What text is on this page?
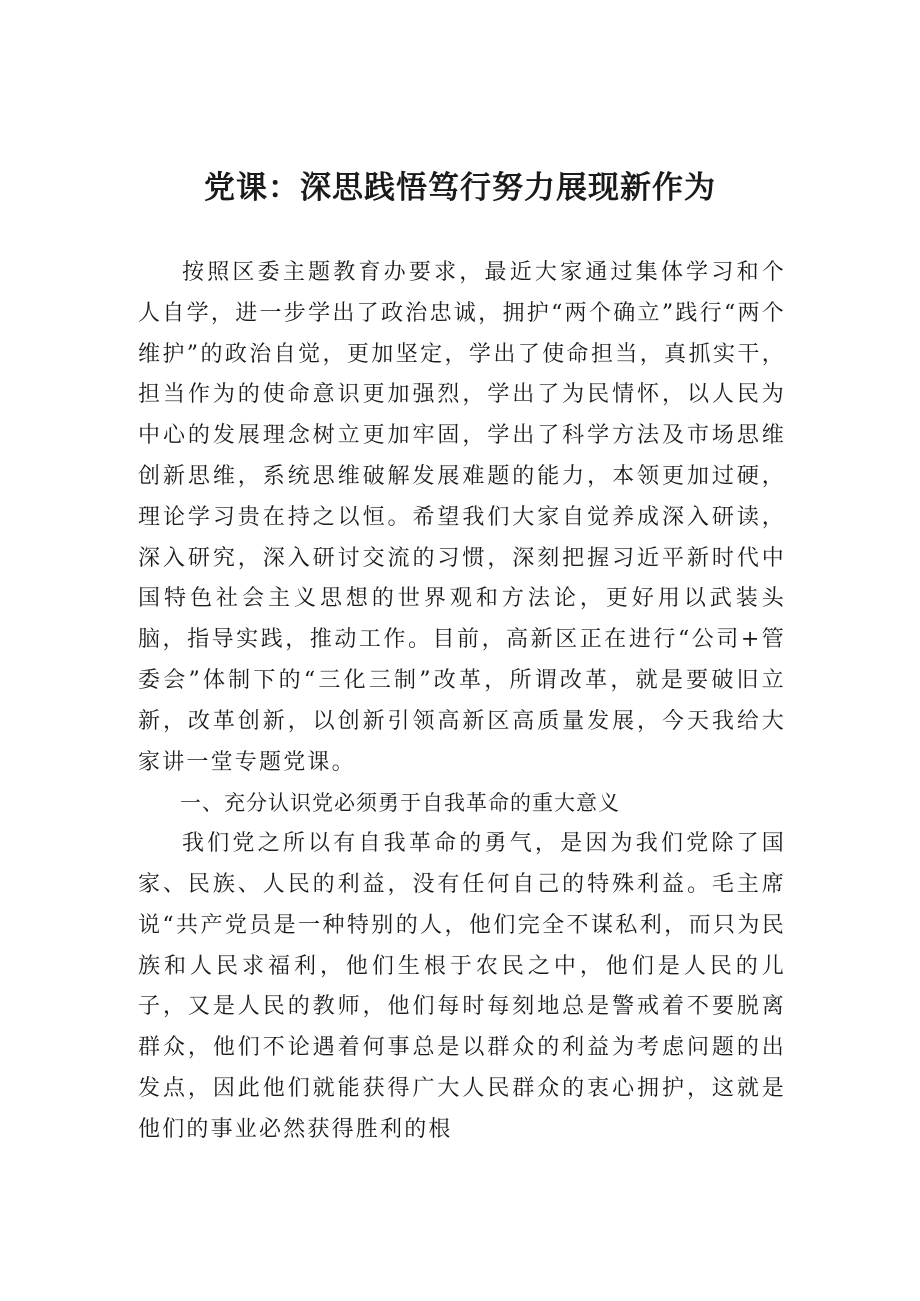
党课：深思践悟笃行努力展现新作为

按照区委主题教育办要求，最近大家通过集体学习和个人自学，进一步学出了政治忠诚，拥护“两个确立”践行“两个维护”的政治自觉，更加坚定，学出了使命担当，真抓实干，担当作为的使命意识更加强烈，学出了为民情怀，以人民为中心的发展理念树立更加牢固，学出了科学方法及市场思维创新思维，系统思维破解发展难题的能力，本领更加过硬，理论学习贵在持之以恒。希望我们大家自觉养成深入研读，深入研究，深入研讨交流的习惯，深刻把握习近平新时代中国特色社会主义思想的世界观和方法论，更好用以武装头脑，指导实践，推动工作。目前，高新区正在进行“公司+管委会”体制下的“三化三制”改革，所谓改革，就是要破旧立新，改革创新，以创新引领高新区高质量发展，今天我给大家讲一堂专题党课。

一、充分认识党必须勇于自我革命的重大意义

我们党之所以有自我革命的勇气，是因为我们党除了国家、民族、人民的利益，没有任何自己的特殊利益。毛主席说“共产党员是一种特别的人，他们完全不谋私利，而只为民族和人民求福利，他们生根于农民之中，他们是人民的儿子，又是人民的教师，他们每时每刻地总是警戒着不要脱离群众，他们不论遇着何事总是以群众的利益为考虑问题的出发点，因此他们就能获得广大人民群众的衷心拥护，这就是他们的事业必然获得胜利的根
